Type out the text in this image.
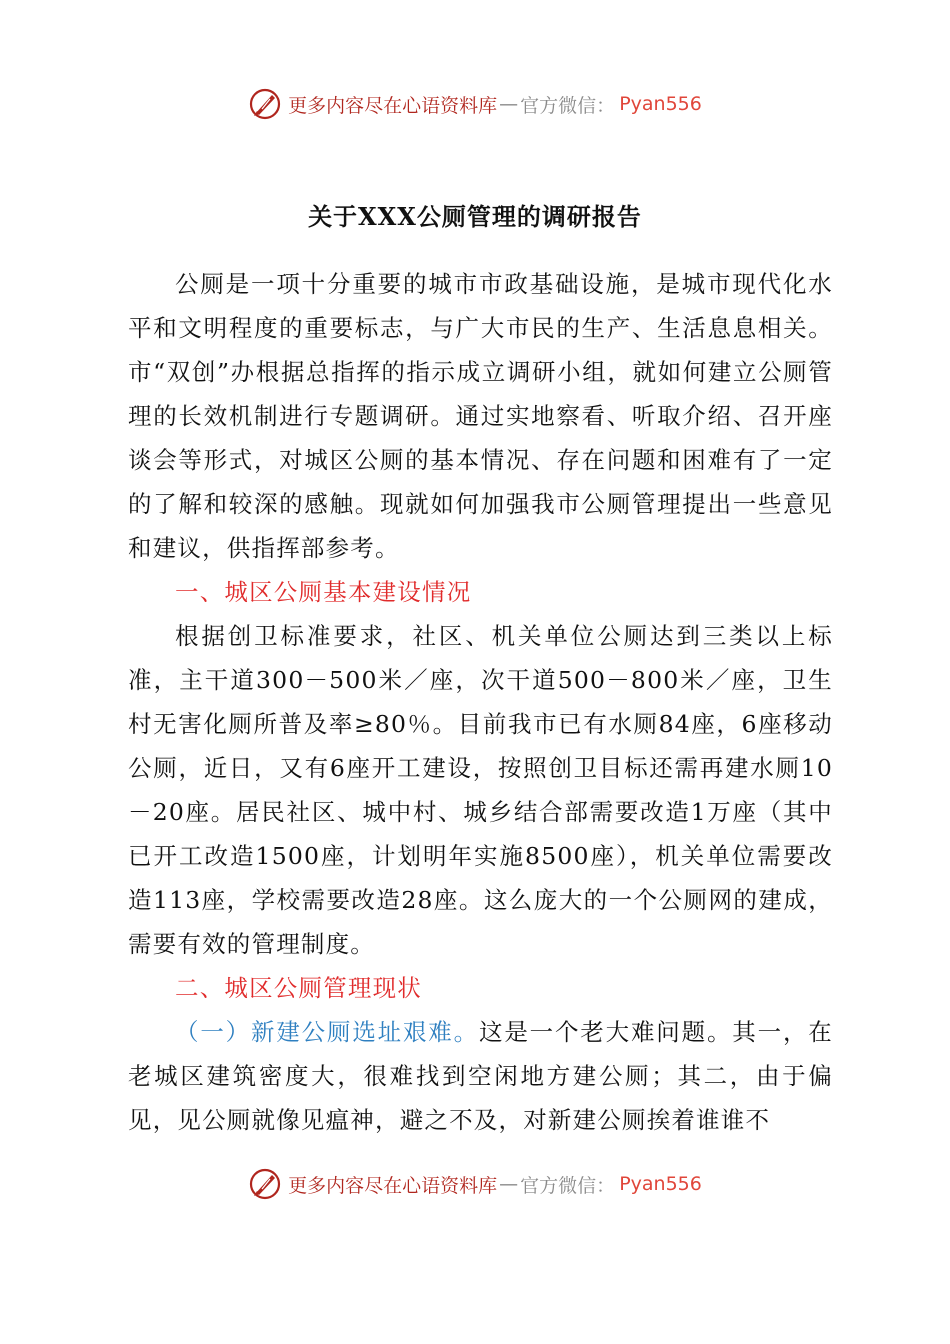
更多内容尽在心语资料库 — 官方微信： Pyan556
关于XXX公厕管理的调研报告

公厕是一项十分重要的城市市政基础设施，是城市现代化水平和文明程度的重要标志，与广大市民的生产、生活息息相关。市“双创”办根据总指挥的指示成立调研小组，就如何建立公厕管理的长效机制进行专题调研。通过实地察看、听取介绍、召开座谈会等形式，对城区公厕的基本情况、存在问题和困难有了一定的了解和较深的感触。现就如何加强我市公厕管理提出一些意见和建议，供指挥部参考。

一、城区公厕基本建设情况

根据创卫标准要求，社区、机关单位公厕达到三类以上标准，主干道300－500米／座，次干道500－800米／座，卫生村无害化厕所普及率≥80％。目前我市已有水厕84座，6座移动公厕，近日，又有6座开工建设，按照创卫目标还需再建水厕10－20座。居民社区、城中村、城乡结合部需要改造1万座（其中已开工改造1500座，计划明年实施8500座），机关单位需要改造113座，学校需要改造28座。这么庞大的一个公厕网的建成，需要有效的管理制度。

二、城区公厕管理现状

（一）新建公厕选址艰难。这是一个老大难问题。其一，在老城区建筑密度大，很难找到空闲地方建公厕；其二，由于偏见，见公厕就像见瘟神，避之不及，对新建公厕挨着谁谁不

更多内容尽在心语资料库 — 官方微信： Pyan556
